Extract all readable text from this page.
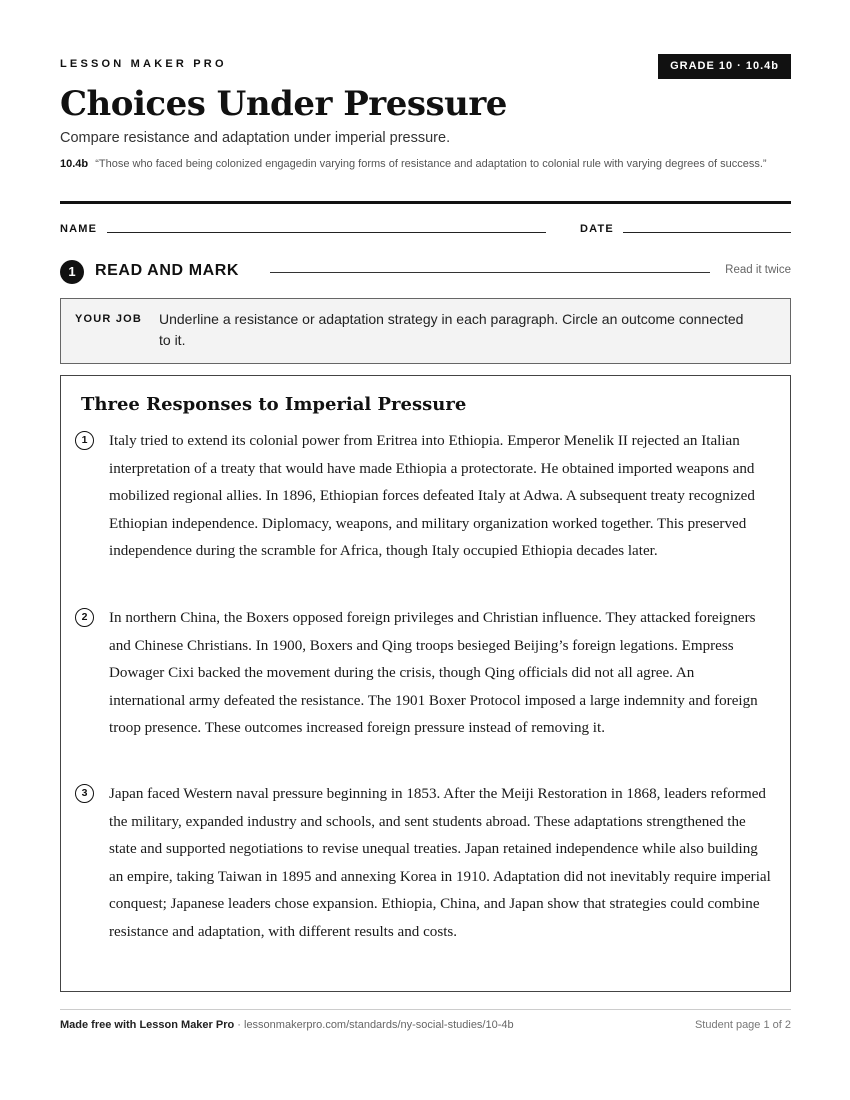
LESSON MAKER PRO	GRADE 10 · 10.4b
Choices Under Pressure
Compare resistance and adaptation under imperial pressure.
10.4b “Those who faced being colonized engagedin varying forms of resistance and adaptation to colonial rule with varying degrees of success.”
NAME	DATE
1	READ AND MARK	Read it twice
YOUR JOB Underline a resistance or adaptation strategy in each paragraph. Circle an outcome connected to it.
Three Responses to Imperial Pressure
1	Italy tried to extend its colonial power from Eritrea into Ethiopia. Emperor Menelik II rejected an Italian interpretation of a treaty that would have made Ethiopia a protectorate. He obtained imported weapons and mobilized regional allies. In 1896, Ethiopian forces defeated Italy at Adwa. A subsequent treaty recognized Ethiopian independence. Diplomacy, weapons, and military organization worked together. This preserved independence during the scramble for Africa, though Italy occupied Ethiopia decades later.

2	In northern China, the Boxers opposed foreign privileges and Christian influence. They attacked foreigners and Chinese Christians. In 1900, Boxers and Qing troops besieged Beijing’s foreign legations. Empress Dowager Cixi backed the movement during the crisis, though Qing officials did not all agree. An international army defeated the resistance. The 1901 Boxer Protocol imposed a large indemnity and foreign troop presence. These outcomes increased foreign pressure instead of removing it.

3	Japan faced Western naval pressure beginning in 1853. After the Meiji Restoration in 1868, leaders reformed the military, expanded industry and schools, and sent students abroad. These adaptations strengthened the state and supported negotiations to revise unequal treaties. Japan retained independence while also building an empire, taking Taiwan in 1895 and annexing Korea in 1910. Adaptation did not inevitably require imperial conquest; Japanese leaders chose expansion. Ethiopia, China, and Japan show that strategies could combine resistance and adaptation, with different results and costs.

Made free with Lesson Maker Pro · lessonmakerpro.com/standards/ny-social-studies/10-4b	Student page 1 of 2
